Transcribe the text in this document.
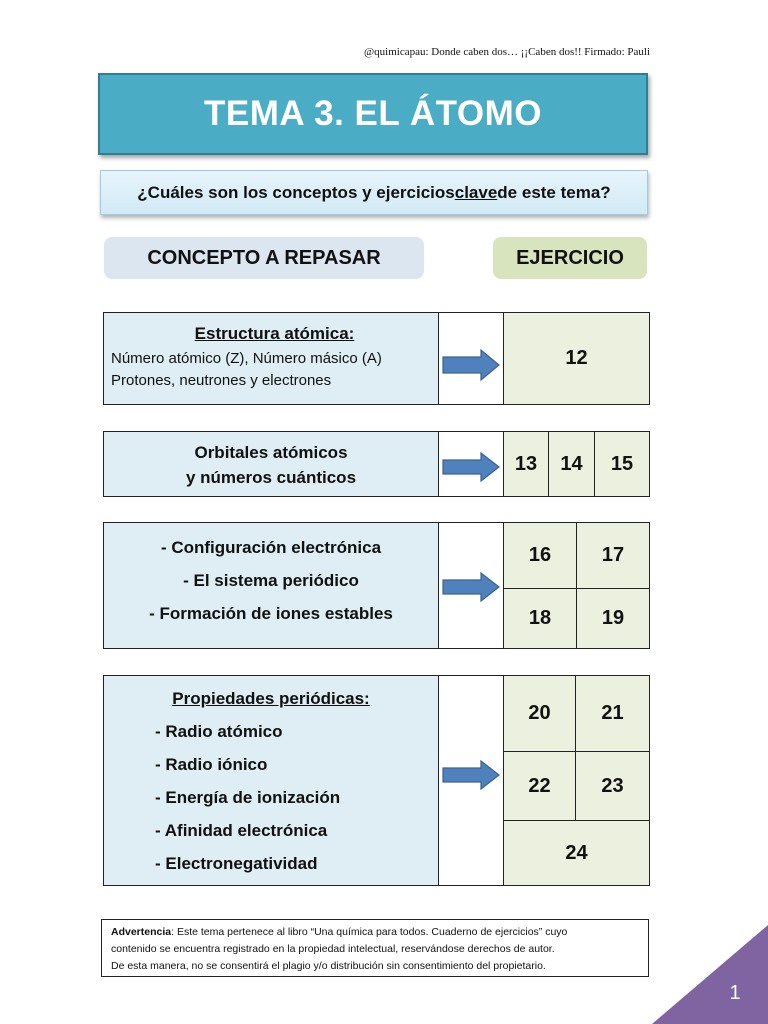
@quimicapau: Donde caben dos… ¡¡Caben dos!! Firmado: Pauli
TEMA 3. EL ÁTOMO
¿Cuáles son los conceptos y ejercicios clave de este tema?
CONCEPTO A REPASAR	EJERCICIO
Estructura atómica:
Número atómico (Z), Número másico (A)
Protones, neutrones y electrones
12
Orbitales atómicos
y números cuánticos
13	14	15
- Configuración electrónica
- El sistema periódico
- Formación de iones estables
16	17
18	19
Propiedades periódicas:
- Radio atómico
- Radio iónico
- Energía de ionización
- Afinidad electrónica
- Electronegatividad
20	21
22	23
24
Advertencia: Este tema pertenece al libro “Una química para todos. Cuaderno de ejercicios” cuyo
contenido se encuentra registrado en la propiedad intelectual, reservándose derechos de autor.
De esta manera, no se consentirá el plagio y/o distribución sin consentimiento del propietario.
1
